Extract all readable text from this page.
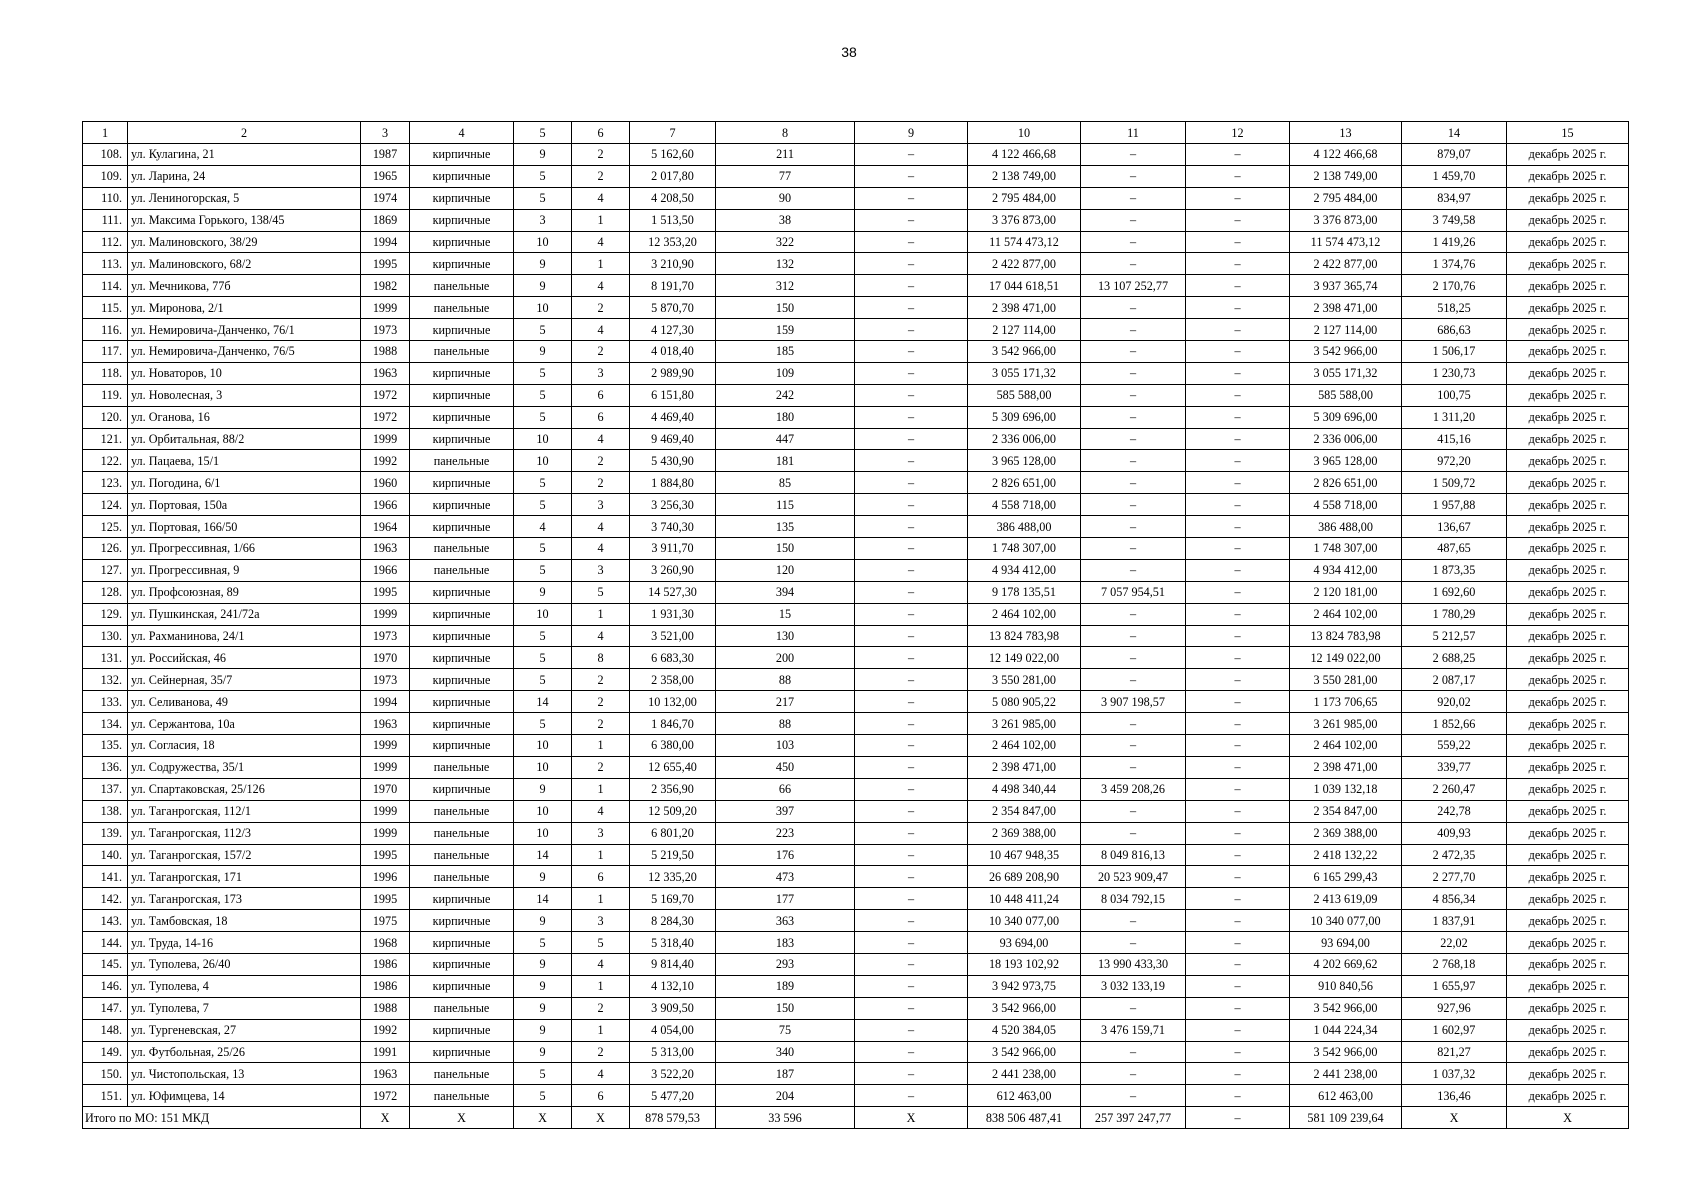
38
1	2	3	4	5	6	7	8	9	10	11	12	13	14	15
108.	ул. Кулагина, 21	1987	кирпичные	9	2	5 162,60	211	–	4 122 466,68	–	–	4 122 466,68	879,07	декабрь 2025 г.
109.	ул. Ларина, 24	1965	кирпичные	5	2	2 017,80	77	–	2 138 749,00	–	–	2 138 749,00	1 459,70	декабрь 2025 г.
110.	ул. Лениногорская, 5	1974	кирпичные	5	4	4 208,50	90	–	2 795 484,00	–	–	2 795 484,00	834,97	декабрь 2025 г.
111.	ул. Максима Горького, 138/45	1869	кирпичные	3	1	1 513,50	38	–	3 376 873,00	–	–	3 376 873,00	3 749,58	декабрь 2025 г.
112.	ул. Малиновского, 38/29	1994	кирпичные	10	4	12 353,20	322	–	11 574 473,12	–	–	11 574 473,12	1 419,26	декабрь 2025 г.
113.	ул. Малиновского, 68/2	1995	кирпичные	9	1	3 210,90	132	–	2 422 877,00	–	–	2 422 877,00	1 374,76	декабрь 2025 г.
114.	ул. Мечникова, 77б	1982	панельные	9	4	8 191,70	312	–	17 044 618,51	13 107 252,77	–	3 937 365,74	2 170,76	декабрь 2025 г.
115.	ул. Миронова, 2/1	1999	панельные	10	2	5 870,70	150	–	2 398 471,00	–	–	2 398 471,00	518,25	декабрь 2025 г.
116.	ул. Немировича-Данченко, 76/1	1973	кирпичные	5	4	4 127,30	159	–	2 127 114,00	–	–	2 127 114,00	686,63	декабрь 2025 г.
117.	ул. Немировича-Данченко, 76/5	1988	панельные	9	2	4 018,40	185	–	3 542 966,00	–	–	3 542 966,00	1 506,17	декабрь 2025 г.
118.	ул. Новаторов, 10	1963	кирпичные	5	3	2 989,90	109	–	3 055 171,32	–	–	3 055 171,32	1 230,73	декабрь 2025 г.
119.	ул. Новолесная, 3	1972	кирпичные	5	6	6 151,80	242	–	585 588,00	–	–	585 588,00	100,75	декабрь 2025 г.
120.	ул. Оганова, 16	1972	кирпичные	5	6	4 469,40	180	–	5 309 696,00	–	–	5 309 696,00	1 311,20	декабрь 2025 г.
121.	ул. Орбитальная, 88/2	1999	кирпичные	10	4	9 469,40	447	–	2 336 006,00	–	–	2 336 006,00	415,16	декабрь 2025 г.
122.	ул. Пацаева, 15/1	1992	панельные	10	2	5 430,90	181	–	3 965 128,00	–	–	3 965 128,00	972,20	декабрь 2025 г.
123.	ул. Погодина, 6/1	1960	кирпичные	5	2	1 884,80	85	–	2 826 651,00	–	–	2 826 651,00	1 509,72	декабрь 2025 г.
124.	ул. Портовая, 150а	1966	кирпичные	5	3	3 256,30	115	–	4 558 718,00	–	–	4 558 718,00	1 957,88	декабрь 2025 г.
125.	ул. Портовая, 166/50	1964	кирпичные	4	4	3 740,30	135	–	386 488,00	–	–	386 488,00	136,67	декабрь 2025 г.
126.	ул. Прогрессивная, 1/66	1963	панельные	5	4	3 911,70	150	–	1 748 307,00	–	–	1 748 307,00	487,65	декабрь 2025 г.
127.	ул. Прогрессивная, 9	1966	панельные	5	3	3 260,90	120	–	4 934 412,00	–	–	4 934 412,00	1 873,35	декабрь 2025 г.
128.	ул. Профсоюзная, 89	1995	кирпичные	9	5	14 527,30	394	–	9 178 135,51	7 057 954,51	–	2 120 181,00	1 692,60	декабрь 2025 г.
129.	ул. Пушкинская, 241/72а	1999	кирпичные	10	1	1 931,30	15	–	2 464 102,00	–	–	2 464 102,00	1 780,29	декабрь 2025 г.
130.	ул. Рахманинова, 24/1	1973	кирпичные	5	4	3 521,00	130	–	13 824 783,98	–	–	13 824 783,98	5 212,57	декабрь 2025 г.
131.	ул. Российская, 46	1970	кирпичные	5	8	6 683,30	200	–	12 149 022,00	–	–	12 149 022,00	2 688,25	декабрь 2025 г.
132.	ул. Сейнерная, 35/7	1973	кирпичные	5	2	2 358,00	88	–	3 550 281,00	–	–	3 550 281,00	2 087,17	декабрь 2025 г.
133.	ул. Селиванова, 49	1994	кирпичные	14	2	10 132,00	217	–	5 080 905,22	3 907 198,57	–	1 173 706,65	920,02	декабрь 2025 г.
134.	ул. Сержантова, 10а	1963	кирпичные	5	2	1 846,70	88	–	3 261 985,00	–	–	3 261 985,00	1 852,66	декабрь 2025 г.
135.	ул. Согласия, 18	1999	кирпичные	10	1	6 380,00	103	–	2 464 102,00	–	–	2 464 102,00	559,22	декабрь 2025 г.
136.	ул. Содружества, 35/1	1999	панельные	10	2	12 655,40	450	–	2 398 471,00	–	–	2 398 471,00	339,77	декабрь 2025 г.
137.	ул. Спартаковская, 25/126	1970	кирпичные	9	1	2 356,90	66	–	4 498 340,44	3 459 208,26	–	1 039 132,18	2 260,47	декабрь 2025 г.
138.	ул. Таганрогская, 112/1	1999	панельные	10	4	12 509,20	397	–	2 354 847,00	–	–	2 354 847,00	242,78	декабрь 2025 г.
139.	ул. Таганрогская, 112/3	1999	панельные	10	3	6 801,20	223	–	2 369 388,00	–	–	2 369 388,00	409,93	декабрь 2025 г.
140.	ул. Таганрогская, 157/2	1995	панельные	14	1	5 219,50	176	–	10 467 948,35	8 049 816,13	–	2 418 132,22	2 472,35	декабрь 2025 г.
141.	ул. Таганрогская, 171	1996	панельные	9	6	12 335,20	473	–	26 689 208,90	20 523 909,47	–	6 165 299,43	2 277,70	декабрь 2025 г.
142.	ул. Таганрогская, 173	1995	кирпичные	14	1	5 169,70	177	–	10 448 411,24	8 034 792,15	–	2 413 619,09	4 856,34	декабрь 2025 г.
143.	ул. Тамбовская, 18	1975	кирпичные	9	3	8 284,30	363	–	10 340 077,00	–	–	10 340 077,00	1 837,91	декабрь 2025 г.
144.	ул. Труда, 14-16	1968	кирпичные	5	5	5 318,40	183	–	93 694,00	–	–	93 694,00	22,02	декабрь 2025 г.
145.	ул. Туполева, 26/40	1986	кирпичные	9	4	9 814,40	293	–	18 193 102,92	13 990 433,30	–	4 202 669,62	2 768,18	декабрь 2025 г.
146.	ул. Туполева, 4	1986	кирпичные	9	1	4 132,10	189	–	3 942 973,75	3 032 133,19	–	910 840,56	1 655,97	декабрь 2025 г.
147.	ул. Туполева, 7	1988	панельные	9	2	3 909,50	150	–	3 542 966,00	–	–	3 542 966,00	927,96	декабрь 2025 г.
148.	ул. Тургеневская, 27	1992	кирпичные	9	1	4 054,00	75	–	4 520 384,05	3 476 159,71	–	1 044 224,34	1 602,97	декабрь 2025 г.
149.	ул. Футбольная, 25/26	1991	кирпичные	9	2	5 313,00	340	–	3 542 966,00	–	–	3 542 966,00	821,27	декабрь 2025 г.
150.	ул. Чистопольская, 13	1963	панельные	5	4	3 522,20	187	–	2 441 238,00	–	–	2 441 238,00	1 037,32	декабрь 2025 г.
151.	ул. Юфимцева, 14	1972	панельные	5	6	5 477,20	204	–	612 463,00	–	–	612 463,00	136,46	декабрь 2025 г.
Итого по МО: 151 МКД		X	X	X	X	878 579,53	33 596	X	838 506 487,41	257 397 247,77	–	581 109 239,64	X	X
